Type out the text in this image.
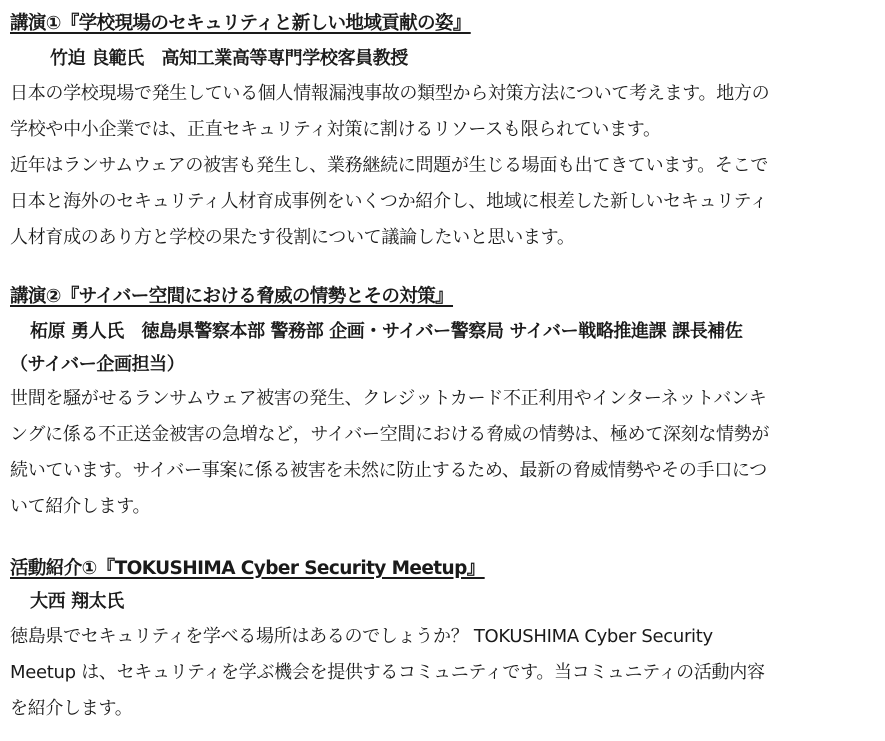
講演①『学校現場のセキュリティと新しい地域貢献の姿』
竹迫 良範氏　高知工業高等専門学校客員教授
日本の学校現場で発生している個人情報漏洩事故の類型から対策方法について考えます。地方の
学校や中小企業では、正直セキュリティ対策に割けるリソースも限られています。
近年はランサムウェアの被害も発生し、業務継続に問題が生じる場面も出てきています。そこで
日本と海外のセキュリティ人材育成事例をいくつか紹介し、地域に根差した新しいセキュリティ
人材育成のあり方と学校の果たす役割について議論したいと思います。
講演②『サイバー空間における脅威の情勢とその対策』
柘原 勇人氏　徳島県警察本部 警務部 企画・サイバー警察局 サイバー戦略推進課 課長補佐
（サイバー企画担当）
世間を騒がせるランサムウェア被害の発生、クレジットカード不正利用やインターネットバンキ
ングに係る不正送金被害の急増など，サイバー空間における脅威の情勢は、極めて深刻な情勢が
続いています。サイバー事案に係る被害を未然に防止するため、最新の脅威情勢やその手口につ
いて紹介します。
活動紹介①『TOKUSHIMA Cyber Security Meetup』
大西 翔太氏
徳島県でセキュリティを学べる場所はあるのでしょうか？ TOKUSHIMA Cyber Security
Meetup は、セキュリティを学ぶ機会を提供するコミュニティです。当コミュニティの活動内容
を紹介します。
